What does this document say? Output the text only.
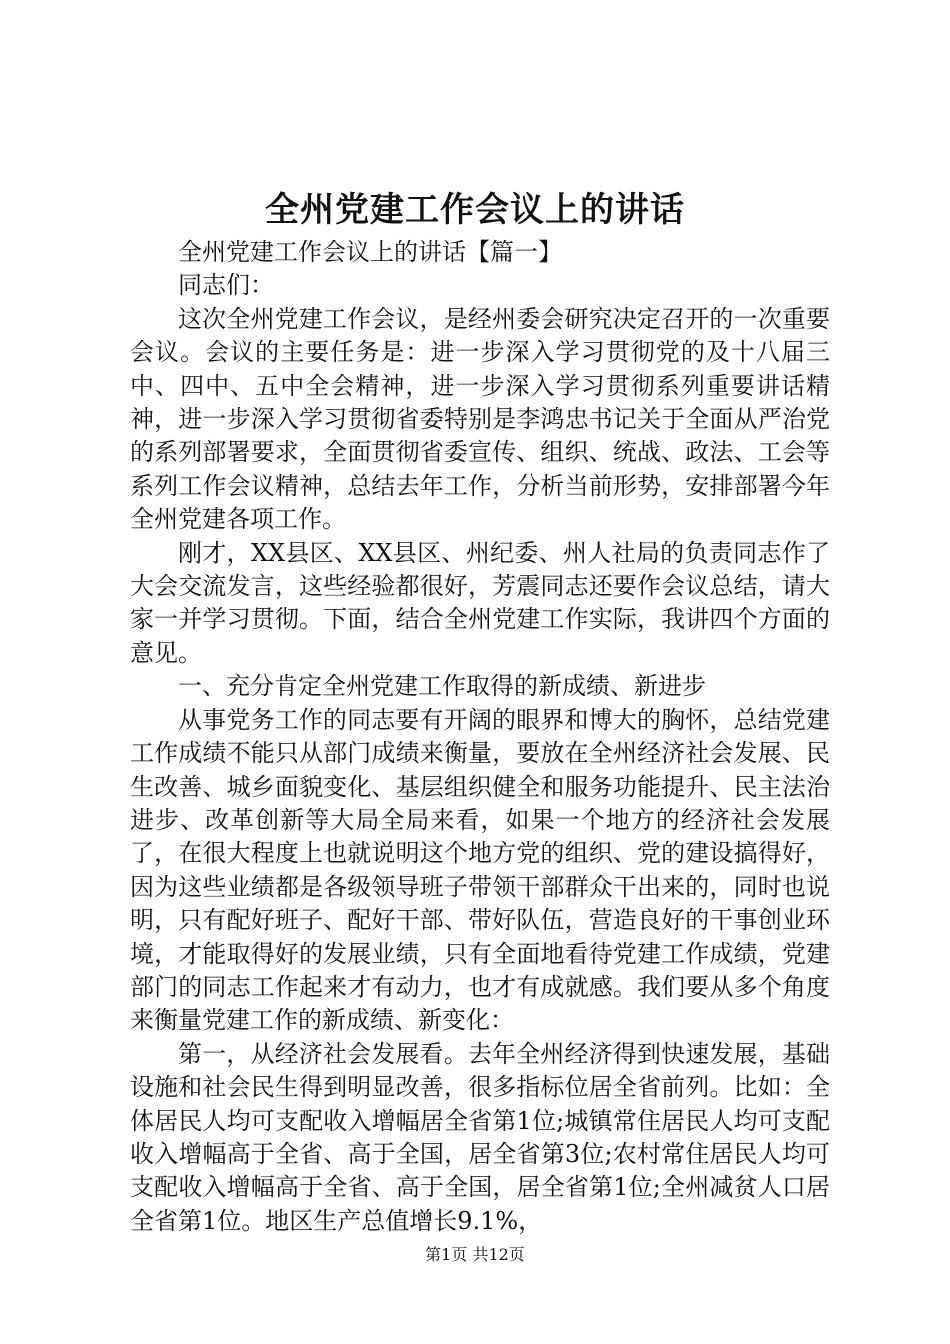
全州党建工作会议上的讲话

全州党建工作会议上的讲话【篇一】

同志们：

这次全州党建工作会议，是经州委会研究决定召开的一次重要会议。会议的主要任务是：进一步深入学习贯彻党的及十八届三中、四中、五中全会精神，进一步深入学习贯彻系列重要讲话精神，进一步深入学习贯彻省委特别是李鸿忠书记关于全面从严治党的系列部署要求，全面贯彻省委宣传、组织、统战、政法、工会等系列工作会议精神，总结去年工作，分析当前形势，安排部署今年全州党建各项工作。

刚才，XX县区、XX县区、州纪委、州人社局的负责同志作了大会交流发言，这些经验都很好，芳震同志还要作会议总结，请大家一并学习贯彻。下面，结合全州党建工作实际，我讲四个方面的意见。

一、充分肯定全州党建工作取得的新成绩、新进步

从事党务工作的同志要有开阔的眼界和博大的胸怀，总结党建工作成绩不能只从部门成绩来衡量，要放在全州经济社会发展、民生改善、城乡面貌变化、基层组织健全和服务功能提升、民主法治进步、改革创新等大局全局来看，如果一个地方的经济社会发展了，在很大程度上也就说明这个地方党的组织、党的建设搞得好，因为这些业绩都是各级领导班子带领干部群众干出来的，同时也说明，只有配好班子、配好干部、带好队伍，营造良好的干事创业环境，才能取得好的发展业绩，只有全面地看待党建工作成绩，党建部门的同志工作起来才有动力，也才有成就感。我们要从多个角度来衡量党建工作的新成绩、新变化：

第一，从经济社会发展看。去年全州经济得到快速发展，基础设施和社会民生得到明显改善，很多指标位居全省前列。比如：全体居民人均可支配收入增幅居全省第1位;城镇常住居民人均可支配收入增幅高于全省、高于全国，居全省第3位;农村常住居民人均可支配收入增幅高于全省、高于全国，居全省第1位;全州减贫人口居全省第1位。地区生产总值增长9.1%，

第1页 共12页
